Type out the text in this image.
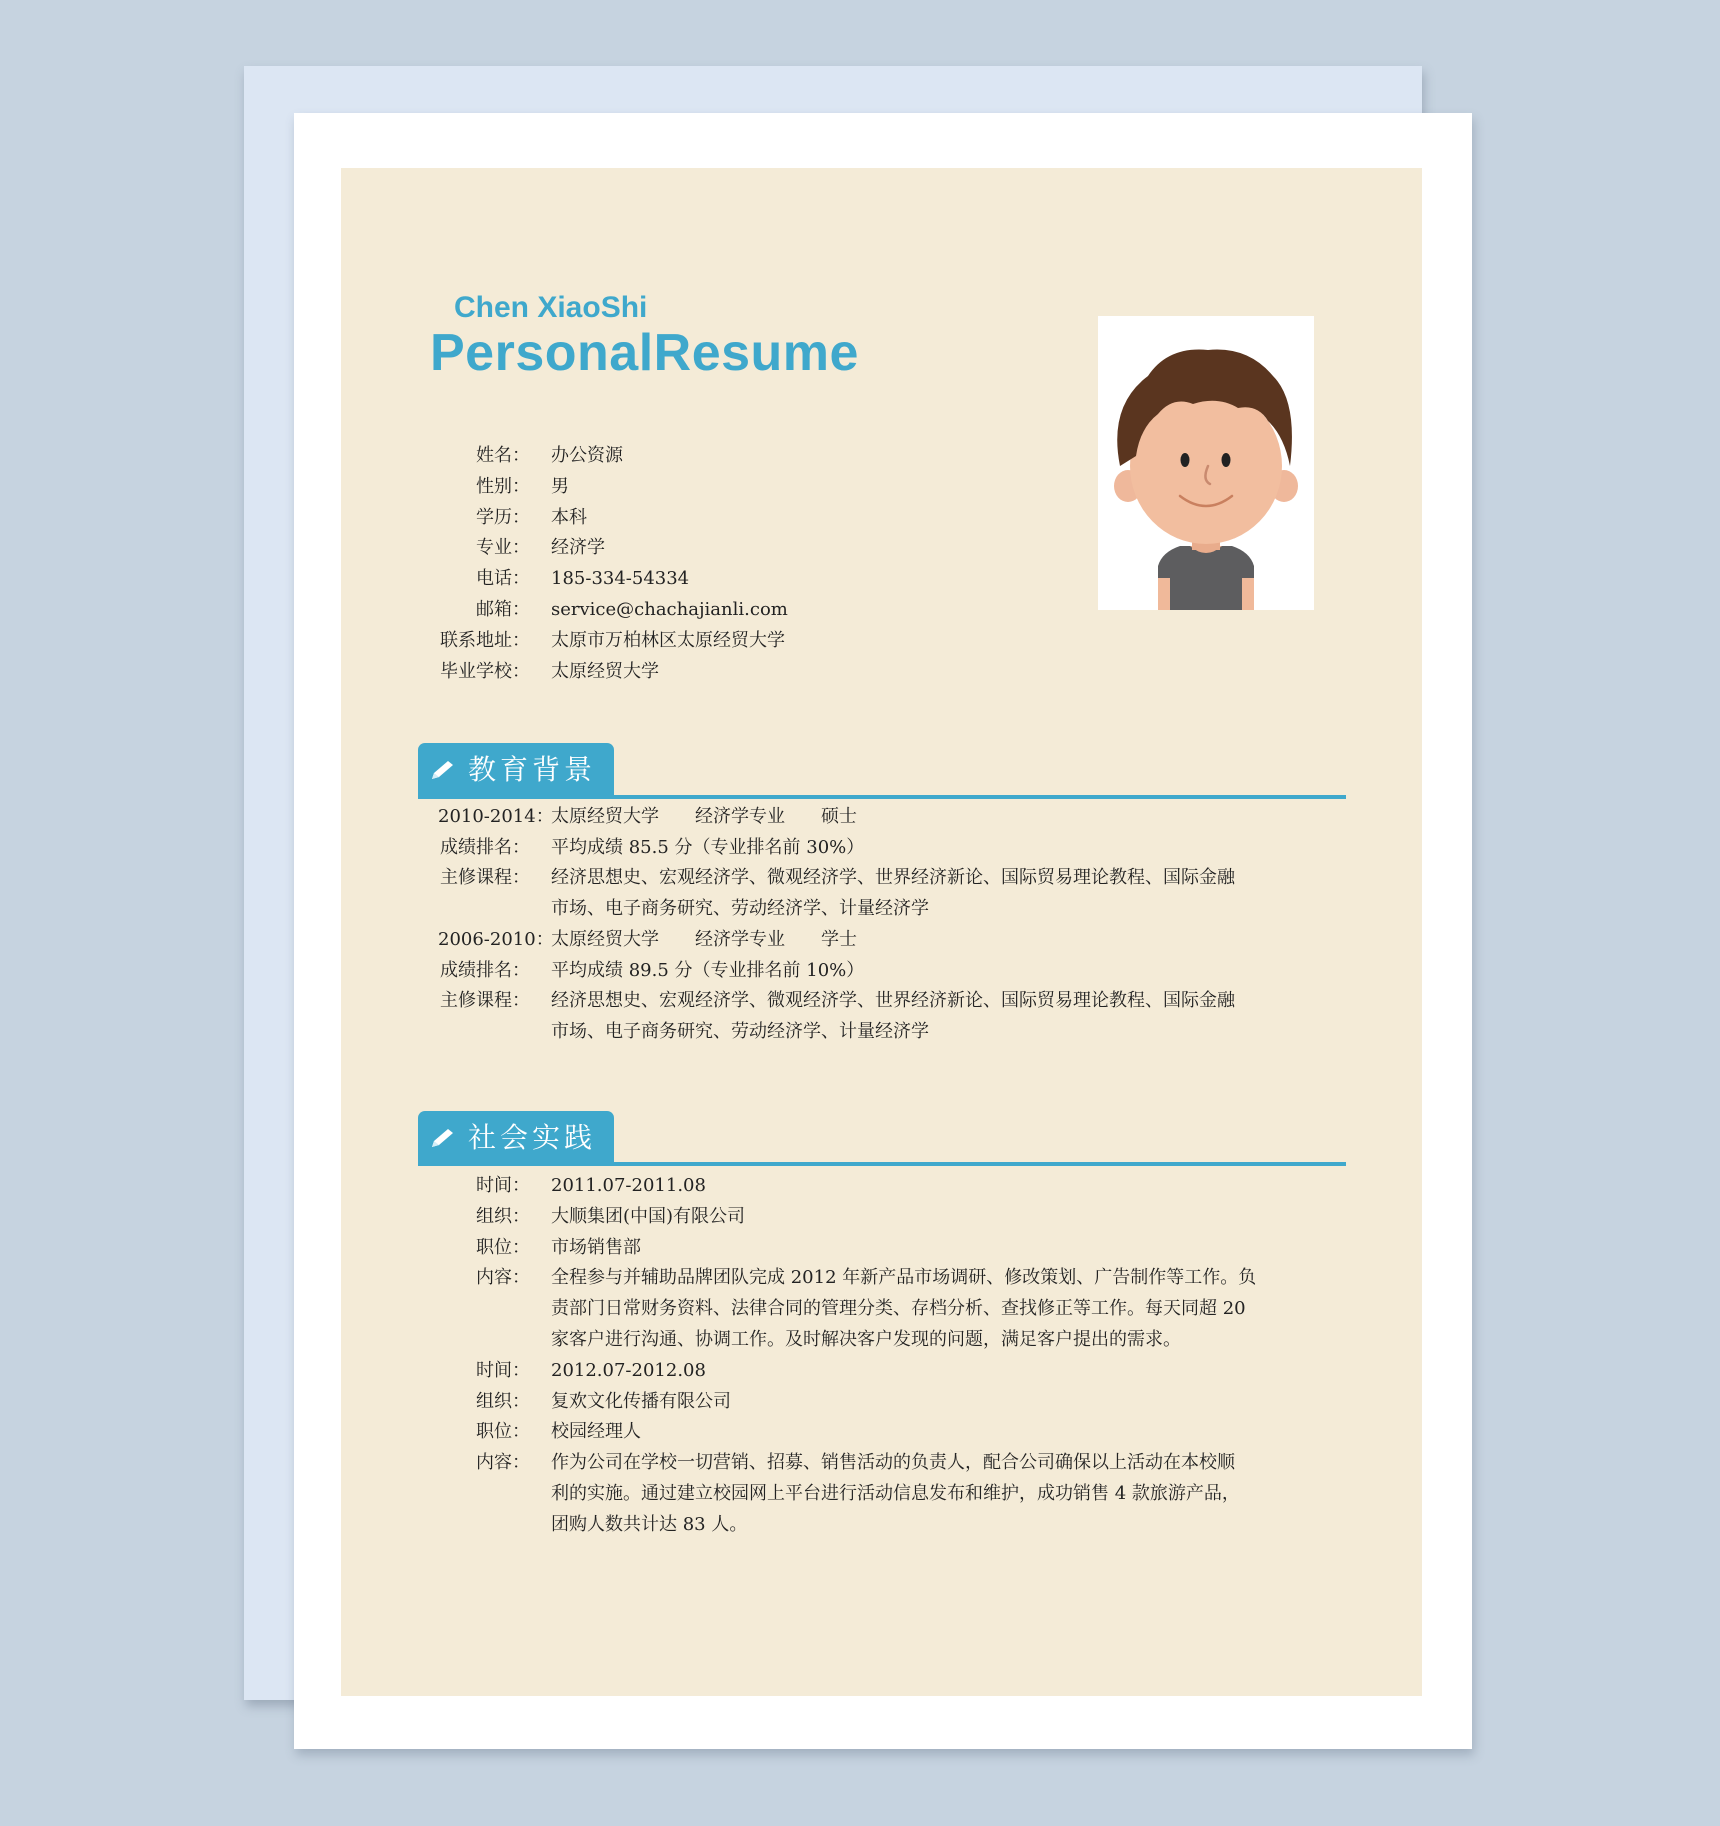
Chen XiaoShi
PersonalResume
姓名： 办公资源
性别： 男
学历： 本科
专业： 经济学
电话： 185-334-54334
邮箱： service@chachajianli.com
联系地址： 太原市万柏林区太原经贸大学
毕业学校： 太原经贸大学
教育背景
2010-2014：
太原经贸大学　　经济学专业　　硕士
成绩排名： 平均成绩 85.5 分（专业排名前 30%）
主修课程： 经济思想史、宏观经济学、微观经济学、世界经济新论、国际贸易理论教程、国际金融
市场、电子商务研究、劳动经济学、计量经济学
2006-2010：
太原经贸大学　　经济学专业　　学士
成绩排名： 平均成绩 89.5 分（专业排名前 10%）
主修课程： 经济思想史、宏观经济学、微观经济学、世界经济新论、国际贸易理论教程、国际金融
市场、电子商务研究、劳动经济学、计量经济学
社会实践
时间： 2011.07-2011.08
组织： 大顺集团(中国)有限公司
职位： 市场销售部
内容： 全程参与并辅助品牌团队完成 2012 年新产品市场调研、修改策划、广告制作等工作。负
责部门日常财务资料、法律合同的管理分类、存档分析、查找修正等工作。每天同超 20
家客户进行沟通、协调工作。及时解决客户发现的问题，满足客户提出的需求。
时间： 2012.07-2012.08
组织： 复欢文化传播有限公司
职位： 校园经理人
内容： 作为公司在学校一切营销、招募、销售活动的负责人，配合公司确保以上活动在本校顺
利的实施。通过建立校园网上平台进行活动信息发布和维护，成功销售 4 款旅游产品，
团购人数共计达 83 人。
